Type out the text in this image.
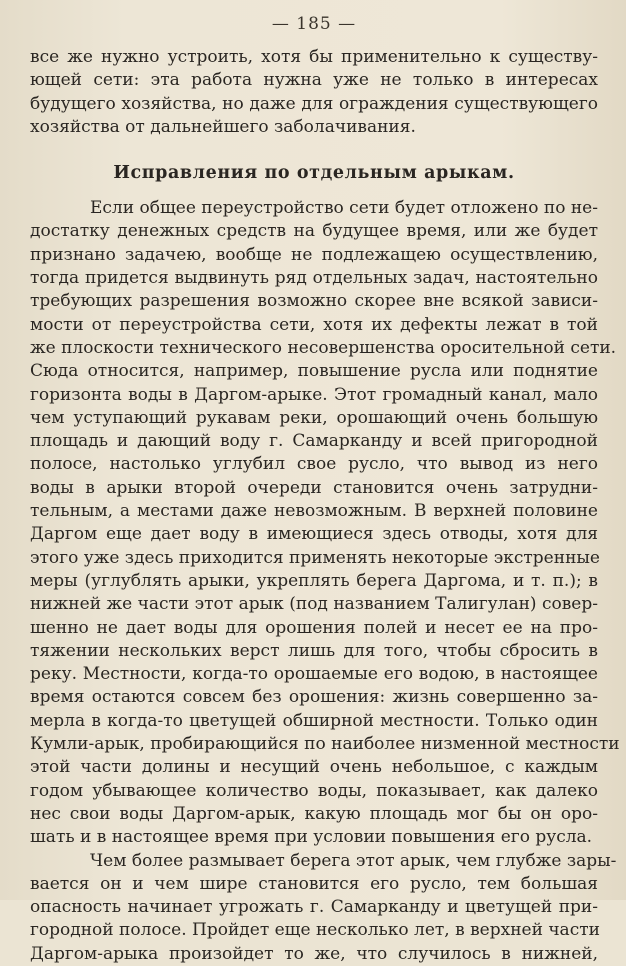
— 185 —
все же нужно устроить, хотя бы применительно к существу-
ющей сети: эта работа нужна уже не только в интересах
будущего хозяйства, но даже для ограждения существующего
хозяйства от дальнейшего заболачивания.
Исправления по отдельным арыкам.
Если общее переустройство сети будет отложено по не-
достатку денежных средств на будущее время, или же будет
признано задачею, вообще не подлежащею осуществлению,
тогда придется выдвинуть ряд отдельных задач, настоятельно
требующих разрешения возможно скорее вне всякой зависи-
мости от переустройства сети, хотя их дефекты лежат в той
же плоскости технического несовершенства оросительной сети.
Сюда относится, например, повышение русла или поднятие
горизонта воды в Даргом-арыке. Этот громадный канал, мало
чем уступающий рукавам реки, орошающий очень большую
площадь и дающий воду г. Самарканду и всей пригородной
полосе, настолько углубил свое русло, что вывод из него
воды в арыки второй очереди становится очень затрудни-
тельным, а местами даже невозможным. В верхней половине
Даргом еще дает воду в имеющиеся здесь отводы, хотя для
этого уже здесь приходится применять некоторые экстренные
меры (углублять арыки, укреплять берега Даргома, и т. п.); в
нижней же части этот арык (под названием Талигулан) совер-
шенно не дает воды для орошения полей и несет ее на про-
тяжении нескольких верст лишь для того, чтобы сбросить в
реку. Местности, когда-то орошаемые его водою, в настоящее
время остаются совсем без орошения: жизнь совершенно за-
мерла в когда-то цветущей обширной местности. Только один
Кумли-арык, пробирающийся по наиболее низменной местности
этой части долины и несущий очень небольшое, с каждым
годом убывающее количество воды, показывает, как далеко
нес свои воды Даргом-арык, какую площадь мог бы он оро-
шать и в настоящее время при условии повышения его русла.
Чем более размывает берега этот арык, чем глубже зары-
вается он и чем шире становится его русло, тем большая
опасность начинает угрожать г. Самарканду и цветущей при-
городной полосе. Пройдет еще несколько лет, в верхней части
Даргом-арыка произойдет то же, что случилось в нижней,
